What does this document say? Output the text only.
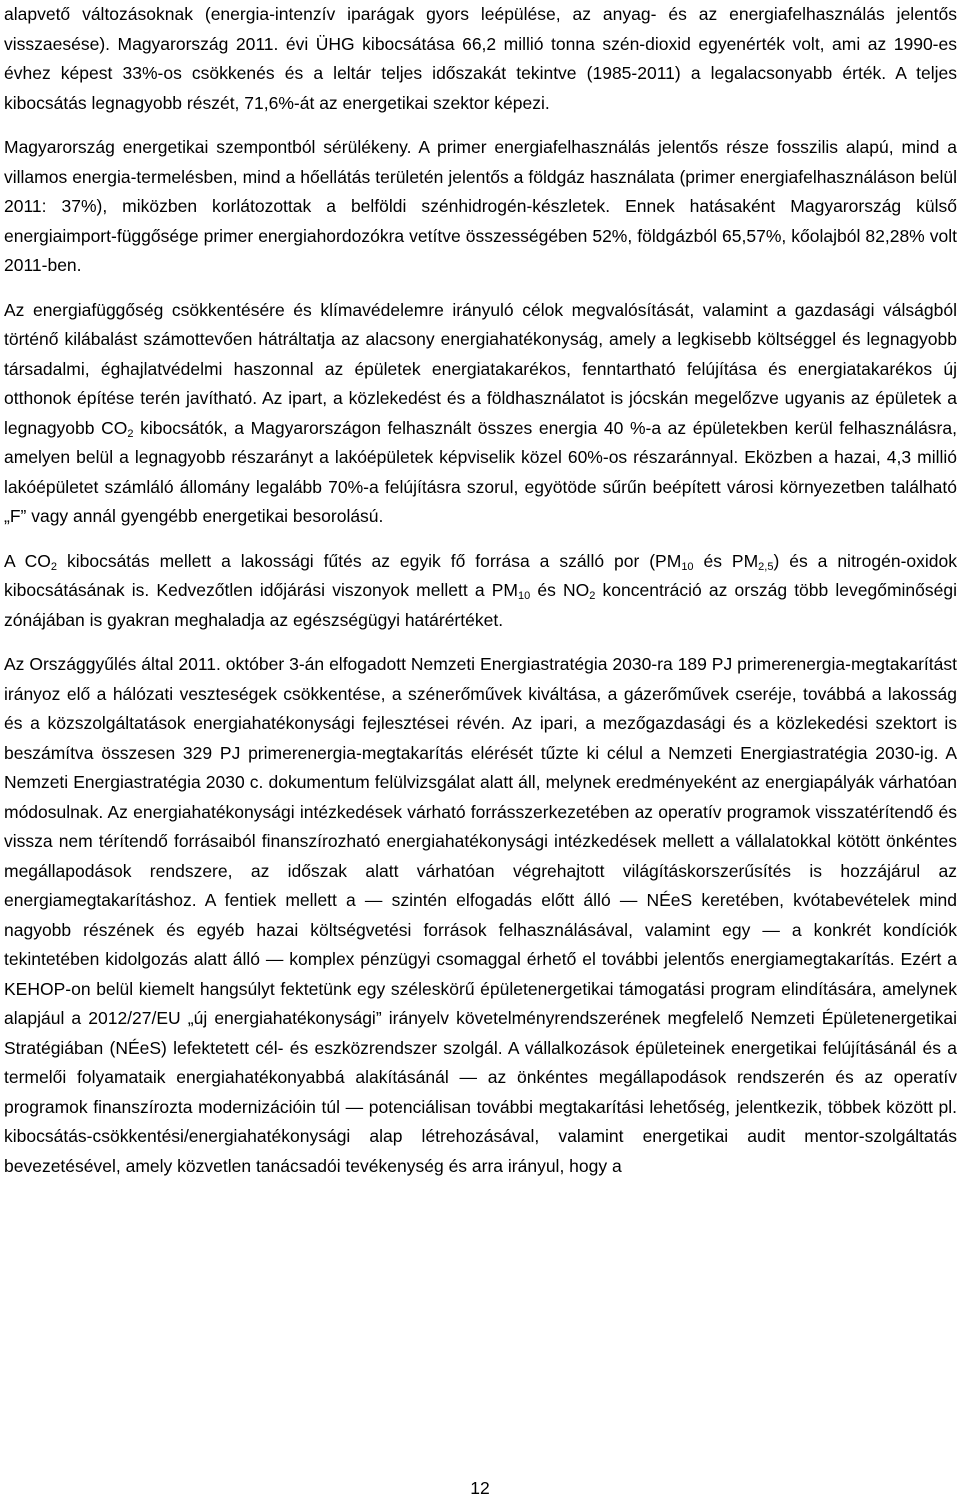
alapvető változásoknak (energia-intenzív iparágak gyors leépülése, az anyag- és az energiafelhasználás jelentős visszaesése). Magyarország 2011. évi ÜHG kibocsátása 66,2 millió tonna szén-dioxid egyenérték volt, ami az 1990-es évhez képest 33%-os csökkenés és a leltár teljes időszakát tekintve (1985-2011) a legalacsonyabb érték. A teljes kibocsátás legnagyobb részét, 71,6%-át az energetikai szektor képezi.

Magyarország energetikai szempontból sérülékeny. A primer energiafelhasználás jelentős része fosszilis alapú, mind a villamos energia-termelésben, mind a hőellátás területén jelentős a földgáz használata (primer energiafelhasználáson belül 2011: 37%), miközben korlátozottak a belföldi szénhidrogén-készletek. Ennek hatásaként Magyarország külső energiaimport-függősége primer energiahordozókra vetítve összességében 52%, földgázból 65,57%, kőolajból 82,28% volt 2011-ben.

Az energiafüggőség csökkentésére és klímavédelemre irányuló célok megvalósítását, valamint a gazdasági válságból történő kilábalást számottevően hátráltatja az alacsony energiahatékonyság, amely a legkisebb költséggel és legnagyobb társadalmi, éghajlatvédelmi haszonnal az épületek energiatakarékos, fenntartható felújítása és energiatakarékos új otthonok építése terén javítható. Az ipart, a közlekedést és a földhasználatot is jócskán megelőzve ugyanis az épületek a legnagyobb $CO_2$ kibocsátók, a Magyarországon felhasznált összes energia 40 %-a az épületekben kerül felhasználásra, amelyen belül a legnagyobb részarányt a lakóépületek képviselik közel 60%-os részaránnyal. Eközben a hazai, 4,3 millió lakóépületet számláló állomány legalább 70%-a felújításra szorul, egyötöde sűrűn beépített városi környezetben található „F” vagy annál gyengébb energetikai besorolású.

A $CO_2$ kibocsátás mellett a lakossági fűtés az egyik fő forrása a szálló por ($PM_{10}$ és $PM_{2,5}$) és a nitrogén-oxidok kibocsátásának is. Kedvezőtlen időjárási viszonyok mellett a $PM_{10}$ és $NO_2$ koncentráció az ország több levegőminőségi zónájában is gyakran meghaladja az egészségügyi határértéket.

Az Országgyűlés által 2011. október 3-án elfogadott Nemzeti Energiastratégia 2030-ra 189 PJ primerenergia-megtakarítást irányoz elő a hálózati veszteségek csökkentése, a szénerőművek kiváltása, a gázerőművek cseréje, továbbá a lakosság és a közszolgáltatások energiahatékonysági fejlesztései révén. Az ipari, a mezőgazdasági és a közlekedési szektort is beszámítva összesen 329 PJ primerenergia-megtakarítás elérését tűzte ki célul a Nemzeti Energiastratégia 2030-ig. A Nemzeti Energiastratégia 2030 c. dokumentum felülvizsgálat alatt áll, melynek eredményeként az energiapályák várhatóan módosulnak. Az energiahatékonysági intézkedések várható forrásszerkezetében az operatív programok visszatérítendő és vissza nem térítendő forrásaiból finanszírozható energiahatékonysági intézkedések mellett a vállalatokkal kötött önkéntes megállapodások rendszere, az időszak alatt várhatóan végrehajtott világításkorszerűsítés is hozzájárul az energiamegtakarításhoz. A fentiek mellett a — szintén elfogadás előtt álló — NÉeS keretében, kvótabevételek mind nagyobb részének és egyéb hazai költségvetési források felhasználásával, valamint egy — a konkrét kondíciók tekintetében kidolgozás alatt álló — komplex pénzügyi csomaggal érhető el további jelentős energiamegtakarítás. Ezért a KEHOP-on belül kiemelt hangsúlyt fektetünk egy széleskörű épületenergetikai támogatási program elindítására, amelynek alapjául a 2012/27/EU „új energiahatékonysági” irányelv követelményrendszerének megfelelő Nemzeti Épületenergetikai Stratégiában (NÉeS) lefektetett cél- és eszközrendszer szolgál. A vállalkozások épületeinek energetikai felújításánál és a termelői folyamataik energiahatékonyabbá alakításánál — az önkéntes megállapodások rendszerén és az operatív programok finanszírozta modernizációin túl — potenciálisan további megtakarítási lehetőség, jelentkezik, többek között pl. kibocsátás-csökkentési/energiahatékonysági alap létrehozásával, valamint energetikai audit mentor-szolgáltatás bevezetésével, amely közvetlen tanácsadói tevékenység és arra irányul, hogy a

12
